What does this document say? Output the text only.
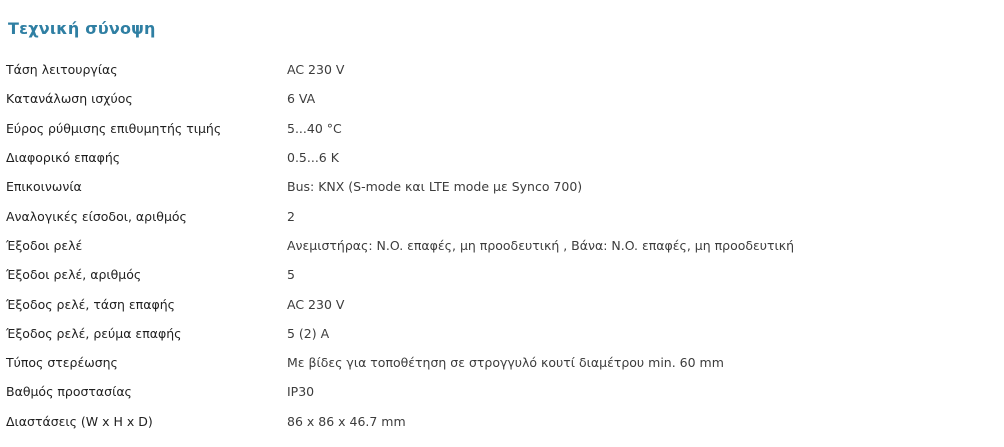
Τεχνική σύνοψη
Τάση λειτουργίας	AC 230 V
Κατανάλωση ισχύος	6 VA
Εύρος ρύθμισης επιθυμητής τιμής	5...40 °C
Διαφορικό επαφής	0.5...6 K
Επικοινωνία	Bus: KNX (S-mode και LTE mode με Synco 700)
Αναλογικές είσοδοι, αριθμός	2
Έξοδοι ρελέ	Ανεμιστήρας: N.O. επαφές, μη προοδευτική , Βάνα: N.O. επαφές, μη προοδευτική
Έξοδοι ρελέ, αριθμός	5
Έξοδος ρελέ, τάση επαφής	AC 230 V
Έξοδος ρελέ, ρεύμα επαφής	5 (2) A
Τύπος στερέωσης	Με βίδες για τοποθέτηση σε στρογγυλό κουτί διαμέτρου min. 60 mm
Βαθμός προστασίας	IP30
Διαστάσεις (W x H x D)	86 x 86 x 46.7 mm
